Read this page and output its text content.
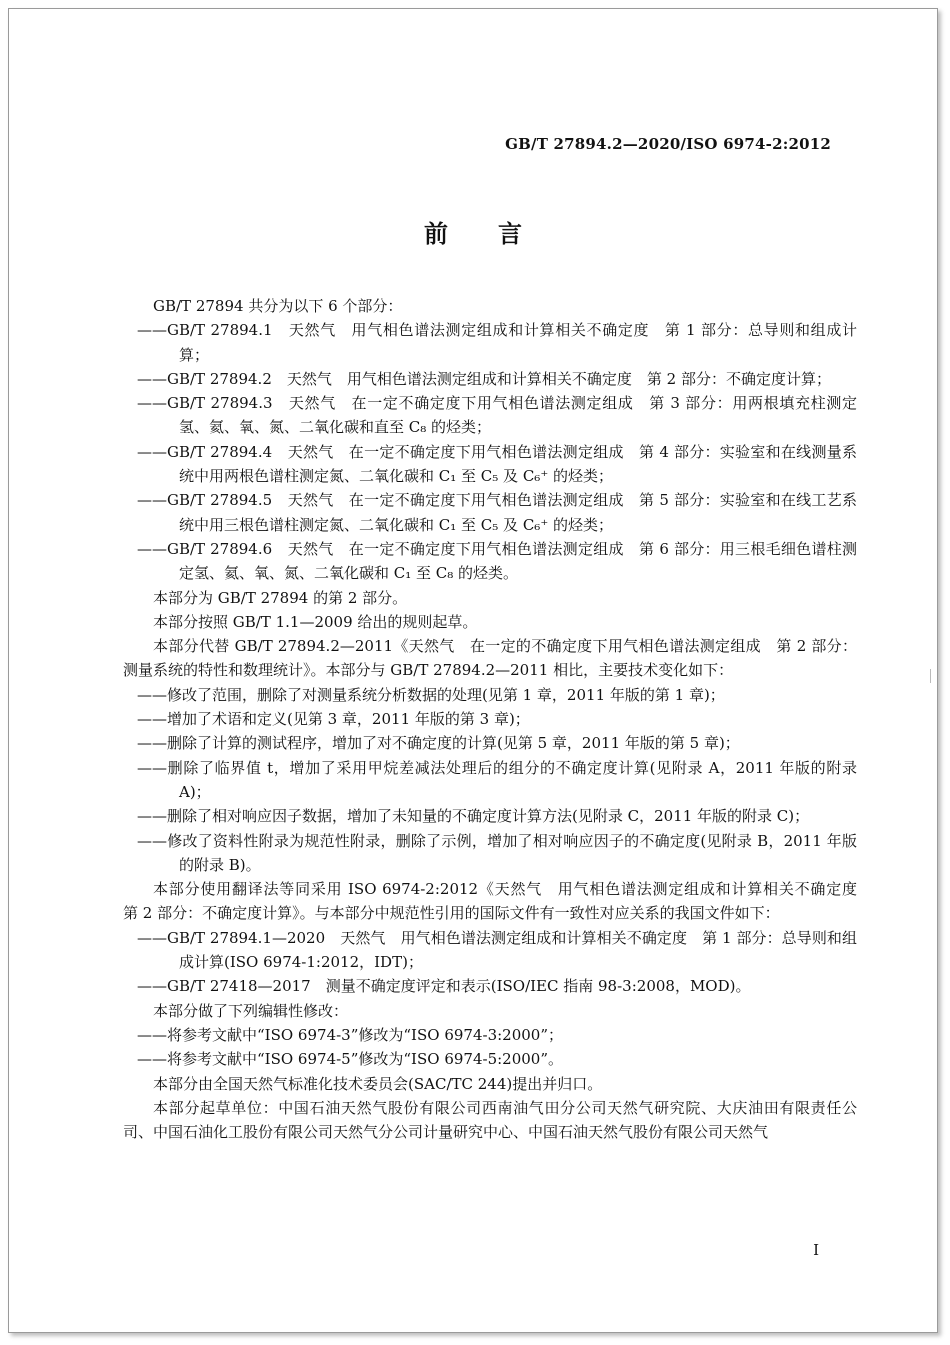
GB/T 27894.2—2020/ISO 6974-2:2012
前言

GB/T 27894 共分为以下 6 个部分：

——GB/T 27894.1　天然气　用气相色谱法测定组成和计算相关不确定度　第 1 部分：总导则和组成计算；

——GB/T 27894.2　天然气　用气相色谱法测定组成和计算相关不确定度　第 2 部分：不确定度计算；

——GB/T 27894.3　天然气　在一定不确定度下用气相色谱法测定组成　第 3 部分：用两根填充柱测定氢、氦、氧、氮、二氧化碳和直至 C₈ 的烃类；

——GB/T 27894.4　天然气　在一定不确定度下用气相色谱法测定组成　第 4 部分：实验室和在线测量系统中用两根色谱柱测定氮、二氧化碳和 C₁ 至 C₅ 及 C₆⁺ 的烃类；

——GB/T 27894.5　天然气　在一定不确定度下用气相色谱法测定组成　第 5 部分：实验室和在线工艺系统中用三根色谱柱测定氮、二氧化碳和 C₁ 至 C₅ 及 C₆⁺ 的烃类；

——GB/T 27894.6　天然气　在一定不确定度下用气相色谱法测定组成　第 6 部分：用三根毛细色谱柱测定氢、氦、氧、氮、二氧化碳和 C₁ 至 C₈ 的烃类。

本部分为 GB/T 27894 的第 2 部分。

本部分按照 GB/T 1.1—2009 给出的规则起草。

本部分代替 GB/T 27894.2—2011《天然气　在一定的不确定度下用气相色谱法测定组成　第 2 部分：测量系统的特性和数理统计》。本部分与 GB/T 27894.2—2011 相比，主要技术变化如下：

——修改了范围，删除了对测量系统分析数据的处理(见第 1 章，2011 年版的第 1 章)；

——增加了术语和定义(见第 3 章，2011 年版的第 3 章)；

——删除了计算的测试程序，增加了对不确定度的计算(见第 5 章，2011 年版的第 5 章)；

——删除了临界值 t，增加了采用甲烷差减法处理后的组分的不确定度计算(见附录 A，2011 年版的附录 A)；

——删除了相对响应因子数据，增加了未知量的不确定度计算方法(见附录 C，2011 年版的附录 C)；

——修改了资料性附录为规范性附录，删除了示例，增加了相对响应因子的不确定度(见附录 B，2011 年版的附录 B)。

本部分使用翻译法等同采用 ISO 6974-2:2012《天然气　用气相色谱法测定组成和计算相关不确定度　第 2 部分：不确定度计算》。与本部分中规范性引用的国际文件有一致性对应关系的我国文件如下：

——GB/T 27894.1—2020　天然气　用气相色谱法测定组成和计算相关不确定度　第 1 部分：总导则和组成计算(ISO 6974-1:2012，IDT)；

——GB/T 27418—2017　测量不确定度评定和表示(ISO/IEC 指南 98-3:2008，MOD)。

本部分做了下列编辑性修改：

——将参考文献中“ISO 6974-3”修改为“ISO 6974-3:2000”；

——将参考文献中“ISO 6974-5”修改为“ISO 6974-5:2000”。

本部分由全国天然气标准化技术委员会(SAC/TC 244)提出并归口。

本部分起草单位：中国石油天然气股份有限公司西南油气田分公司天然气研究院、大庆油田有限责任公司、中国石油化工股份有限公司天然气分公司计量研究中心、中国石油天然气股份有限公司天然气

I
